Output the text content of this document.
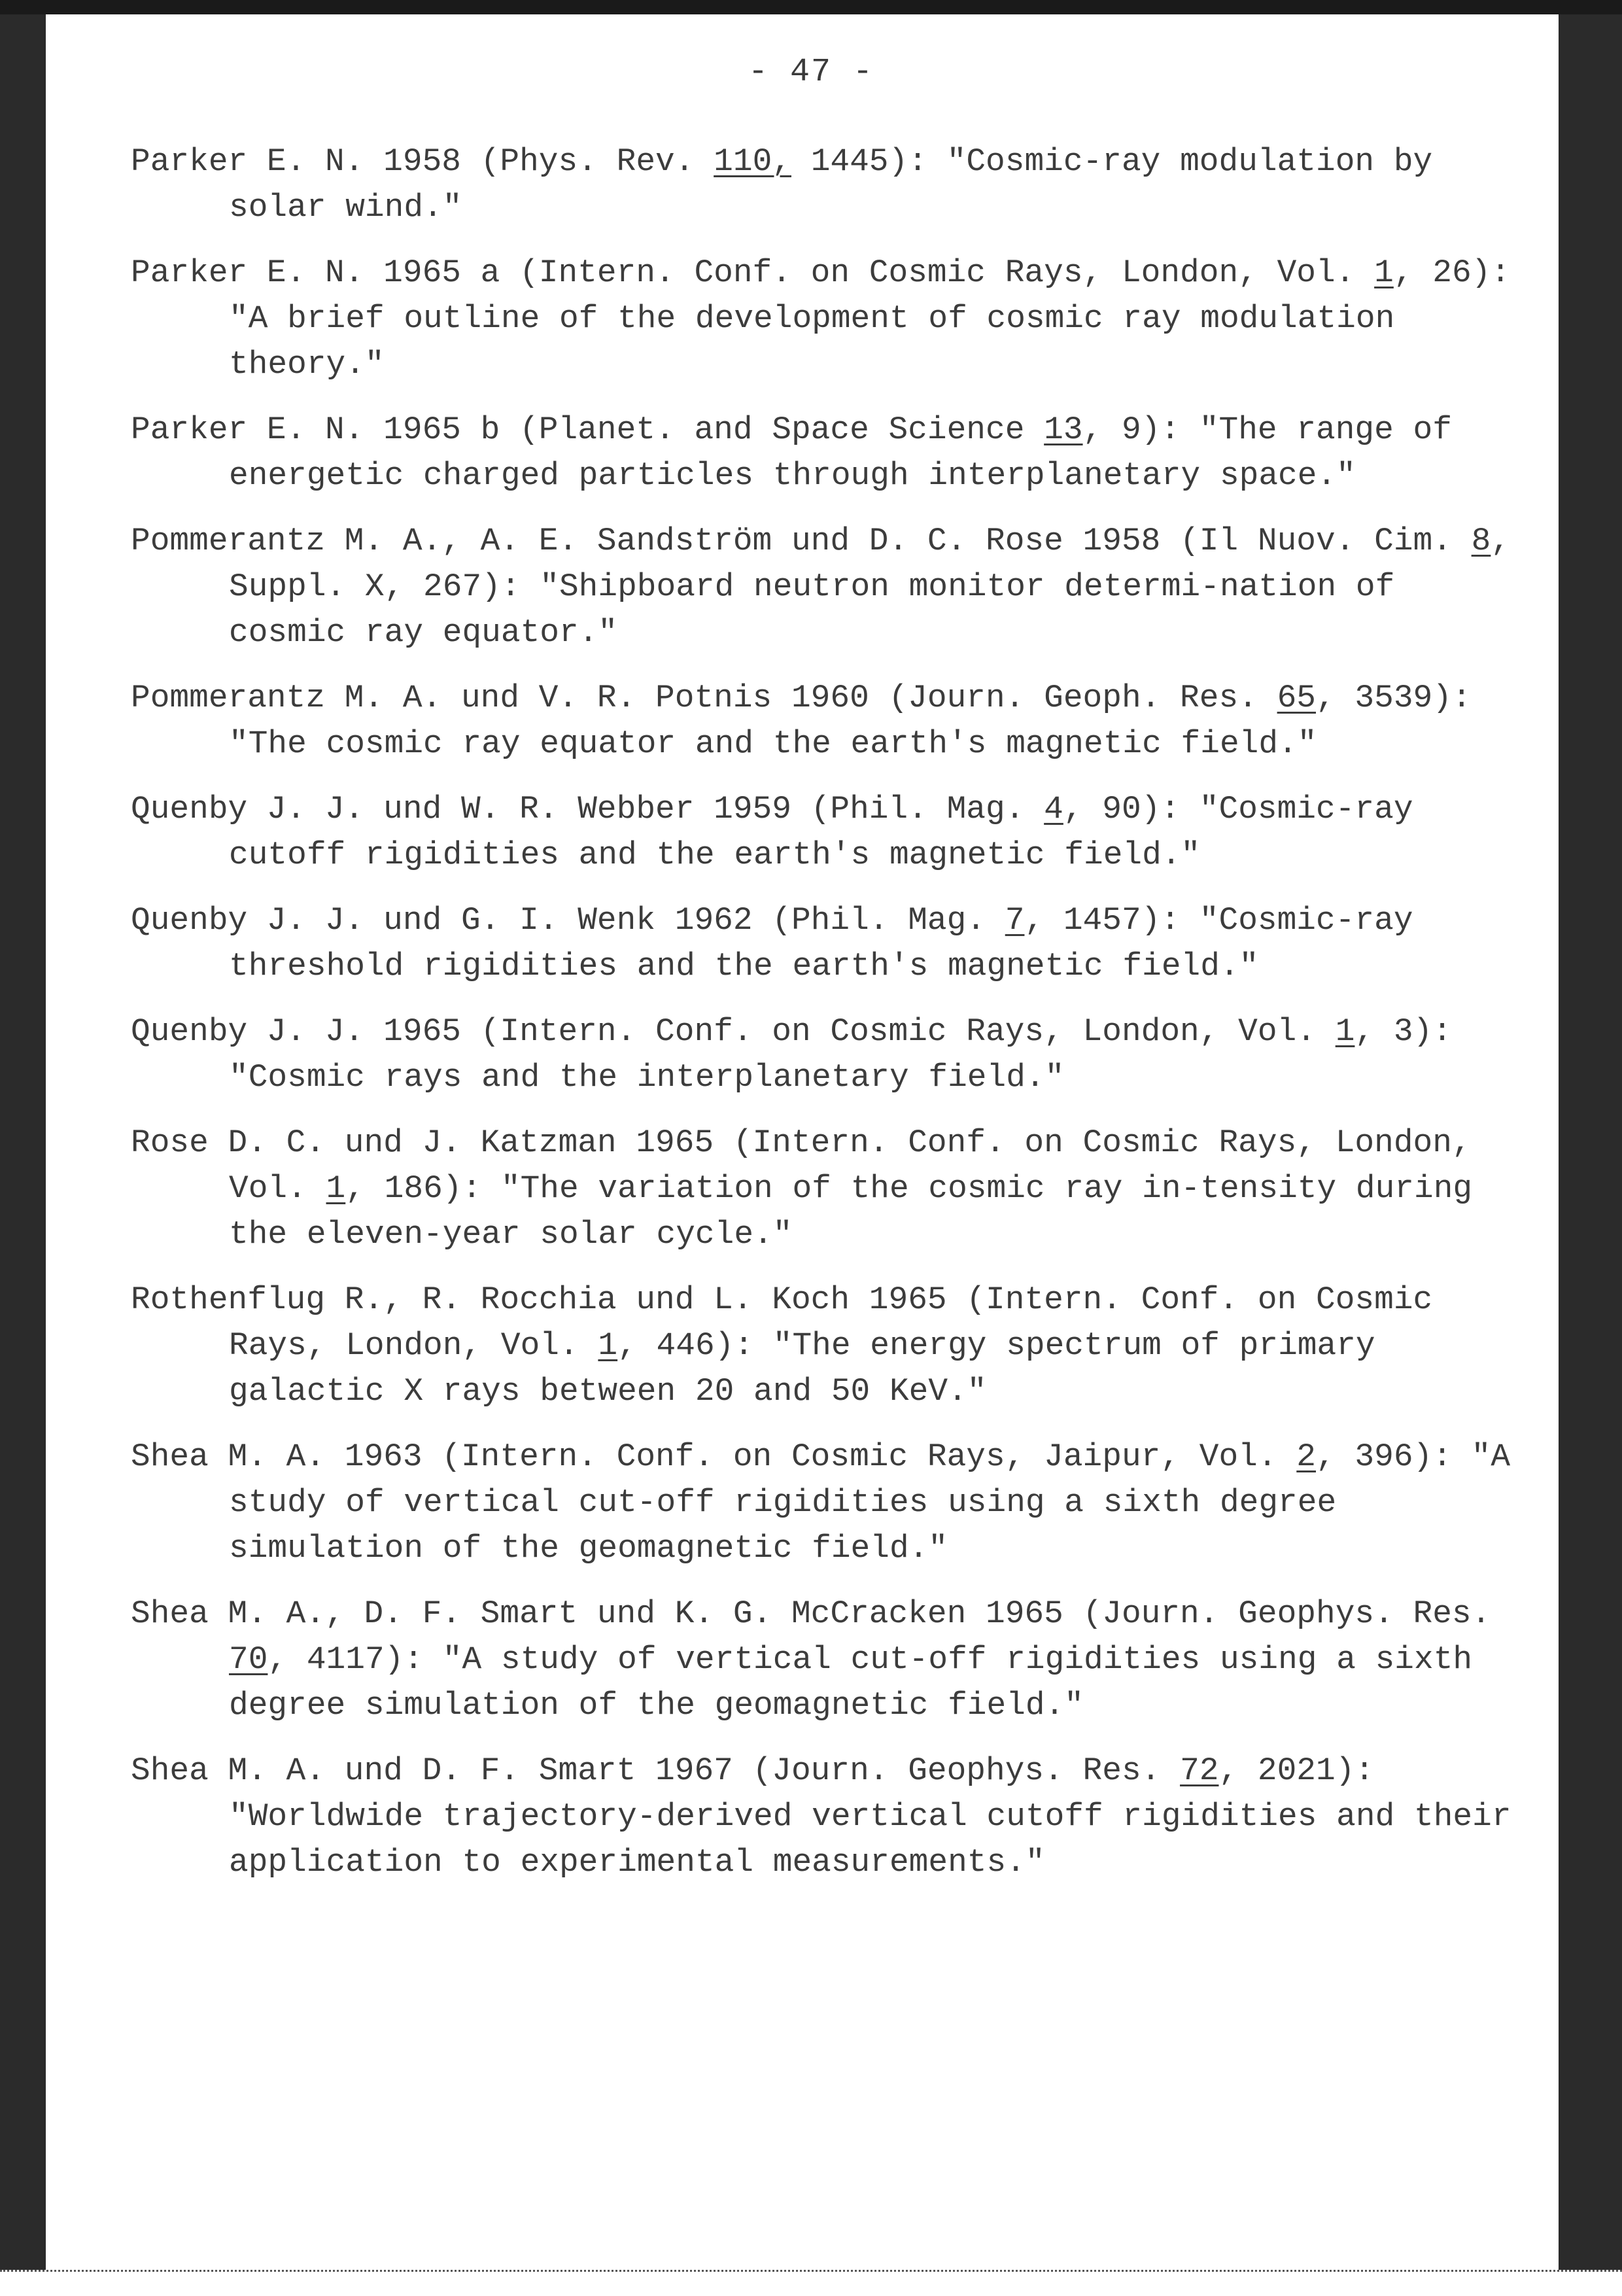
- 47 -
Parker E. N. 1958 (Phys. Rev. 110, 1445): "Cosmic-ray modulation by solar wind."
Parker E. N. 1965 a (Intern. Conf. on Cosmic Rays, London, Vol. 1, 26): "A brief outline of the development of cosmic ray modulation theory."
Parker E. N. 1965 b (Planet. and Space Science 13, 9): "The range of energetic charged particles through interplanetary space."
Pommerantz M. A., A. E. Sandström und D. C. Rose 1958 (Il Nuov. Cim. 8, Suppl. X, 267): "Shipboard neutron monitor determi-nation of cosmic ray equator."
Pommerantz M. A. und V. R. Potnis 1960 (Journ. Geoph. Res. 65, 3539): "The cosmic ray equator and the earth's magnetic field."
Quenby J. J. und W. R. Webber 1959 (Phil. Mag. 4, 90): "Cosmic-ray cutoff rigidities and the earth's magnetic field."
Quenby J. J. und G. I. Wenk 1962 (Phil. Mag. 7, 1457): "Cosmic-ray threshold rigidities and the earth's magnetic field."
Quenby J. J. 1965 (Intern. Conf. on Cosmic Rays, London, Vol. 1, 3): "Cosmic rays and the interplanetary field."
Rose D. C. und J. Katzman 1965 (Intern. Conf. on Cosmic Rays, London, Vol. 1, 186): "The variation of the cosmic ray in-tensity during the eleven-year solar cycle."
Rothenflug R., R. Rocchia und L. Koch 1965 (Intern. Conf. on Cosmic Rays, London, Vol. 1, 446): "The energy spectrum of primary galactic X rays between 20 and 50 KeV."
Shea M. A. 1963 (Intern. Conf. on Cosmic Rays, Jaipur, Vol. 2, 396): "A study of vertical cut-off rigidities using a sixth degree simulation of the geomagnetic field."
Shea M. A., D. F. Smart und K. G. McCracken 1965 (Journ. Geophys. Res. 70, 4117): "A study of vertical cut-off rigidities using a sixth degree simulation of the geomagnetic field."
Shea M. A. und D. F. Smart 1967 (Journ. Geophys. Res. 72, 2021): "Worldwide trajectory-derived vertical cutoff rigidities and their application to experimental measurements."
